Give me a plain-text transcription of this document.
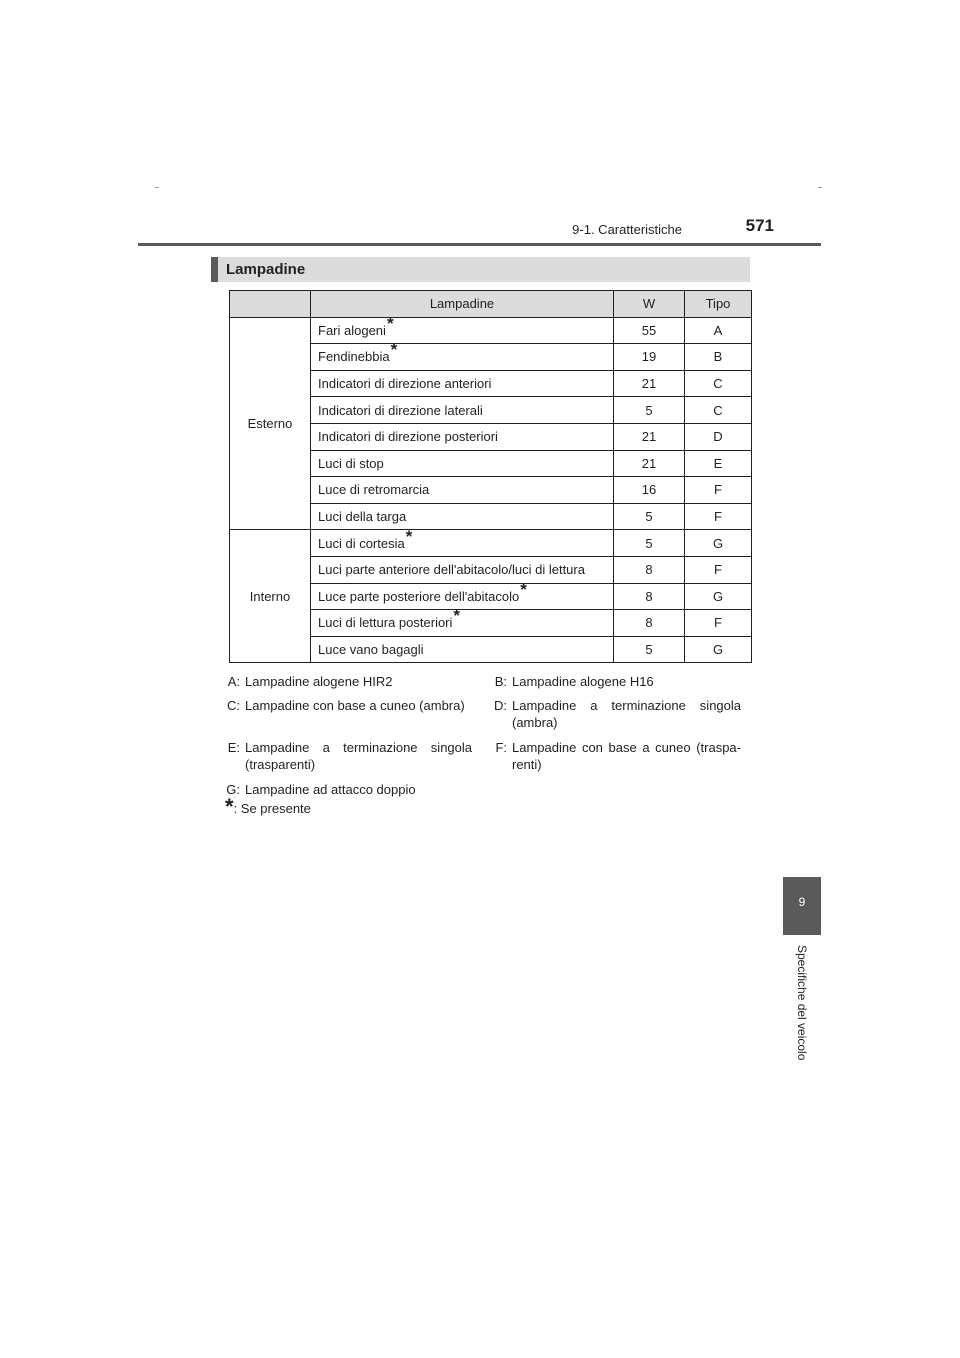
9-1. Caratteristiche	571
Lampadine
	Lampadine	W	Tipo
Esterno	Fari alogeni*	55	A
	Fendinebbia*	19	B
	Indicatori di direzione anteriori	21	C
	Indicatori di direzione laterali	5	C
	Indicatori di direzione posteriori	21	D
	Luci di stop	21	E
	Luce di retromarcia	16	F
	Luci della targa	5	F
Interno	Luci di cortesia*	5	G
	Luci parte anteriore dell'abitacolo/luci di lettura	8	F
	Luce parte posteriore dell'abitacolo*	8	G
	Luci di lettura posteriori*	8	F
	Luce vano bagagli	5	G
A: Lampadine alogene HIR2	B: Lampadine alogene H16
C: Lampadine con base a cuneo (ambra)	D: Lampadine a terminazione singola (ambra)
E: Lampadine a terminazione singola (trasparenti)
F: Lampadine con base a cuneo (traspa-renti)
G: Lampadine ad attacco doppio
*: Se presente
9
Specifiche del veicolo
